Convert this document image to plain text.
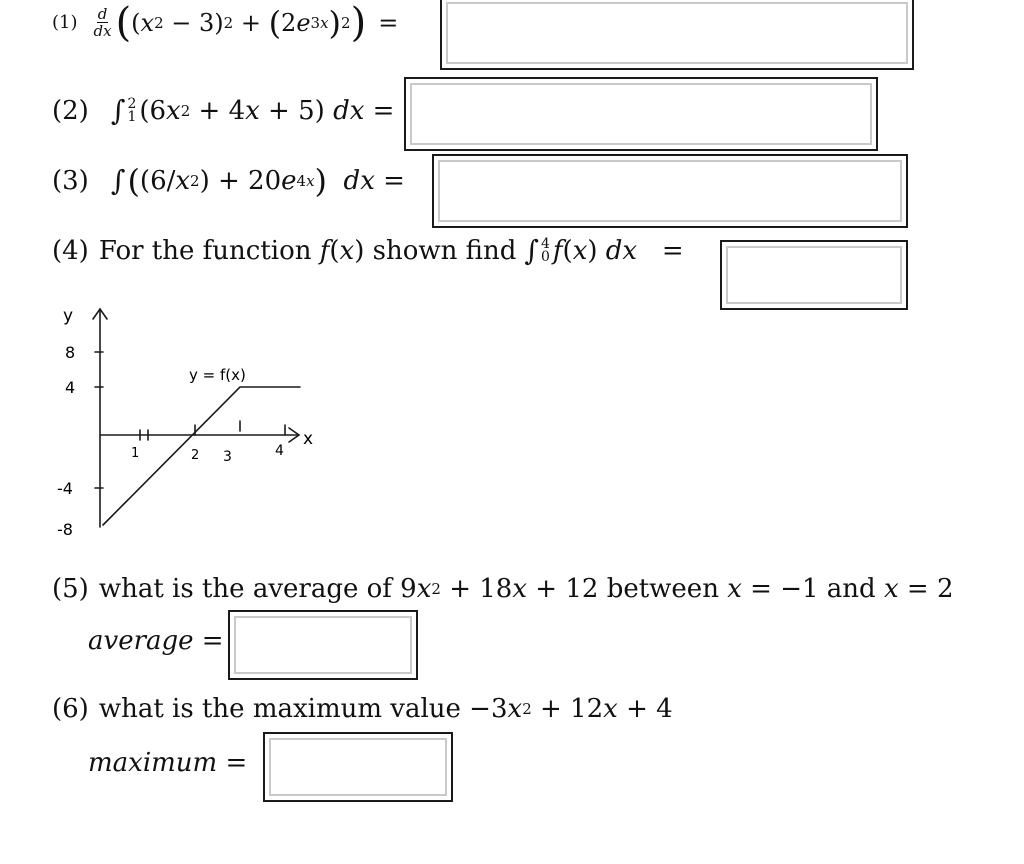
$(1) \frac{d}{dx}$ ( ( x 2 − 3) 2 + ( 2 e 3x ) 2 ) =
(2) ∫ 2
1 (6 x 2 + 4 x + 5) dx =
(3) ∫ ( (6/ x 2 ) + 20 e 4x ) dx =
(4) For the function f ( x ) shown find ∫ 4
0 f ( x ) dx =
y
x
y = f(x)
8
4
-4
-8
1	2 3	4
(5) what is the average of 9 x 2 + 18 x + 12 between x = −1 and x = 2
average =
(6) what is the maximum value −3 x 2 + 12 x + 4
maximum =
